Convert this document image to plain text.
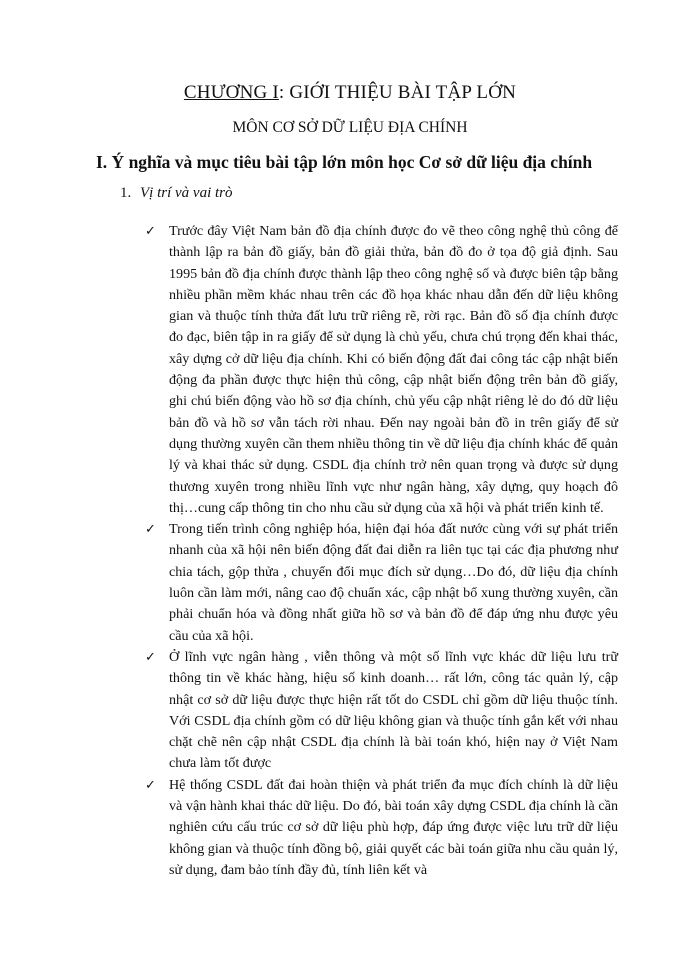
CHƯƠNG I: GIỚI THIỆU BÀI TẬP LỚN
MÔN CƠ SỞ DỮ LIỆU ĐỊA CHÍNH
I. Ý nghĩa và mục tiêu bài tập lớn môn học Cơ sở dữ liệu địa chính
1. Vị trí và vai trò
✓ Trước đây Việt Nam bản đồ địa chính được đo vẽ theo công nghệ thủ công để thành lập ra bản đồ giấy, bản đồ giải thửa, bản đồ đo ở tọa độ giả định. Sau 1995 bản đồ địa chính được thành lập theo công nghệ số và được biên tập bằng nhiều phần mềm khác nhau trên các đồ họa khác nhau dẫn đến dữ liệu không gian và thuộc tính thửa đất lưu trữ riêng rẽ, rời rạc. Bản đồ số địa chính được đo đạc, biên tập in ra giấy để sử dụng là chủ yếu, chưa chú trọng đến khai thác, xây dựng cở dữ liệu địa chính. Khi có biến động đất đai công tác cập nhật biến động đa phần được thực hiện thủ công, cập nhật biến động trên bản đồ giấy, ghi chú biến động vào hồ sơ địa chính, chủ yếu cập nhật riêng lẻ do đó dữ liệu bản đồ và hồ sơ vẫn tách rời nhau. Đến nay ngoài bản đồ in trên giấy để sử dụng thường xuyên cần them nhiều thông tin về dữ liệu địa chính khác để quản lý và khai thác sử dụng. CSDL địa chính trở nên quan trọng và được sử dụng thương xuyên trong nhiều lĩnh vực như ngân hàng, xây dựng, quy hoạch đô thị…cung cấp thông tin cho nhu cầu sử dụng của xã hội và phát triển kinh tế.
✓ Trong tiến trình công nghiệp hóa, hiện đại hóa đất nước cùng với sự phát triển nhanh của xã hội nên biến động đất đai diễn ra liên tục tại các địa phương như chia tách, gộp thửa , chuyển đổi mục đích sử dụng…Do đó, dữ liệu địa chính luôn cần làm mới, nâng cao độ chuẩn xác, cập nhật bổ xung thường xuyên, cần phải chuẩn hóa và đồng nhất giữa hồ sơ và bản đồ để đáp ứng nhu được yêu cầu của xã hội.
✓ Ở lĩnh vực ngân hàng , viễn thông và một số lĩnh vực khác dữ liệu lưu trữ thông tin về khác hàng, hiệu số kinh doanh… rất lớn, công tác quản lý, cập nhật cơ sở dữ liệu được thực hiện rất tốt do CSDL chỉ gồm dữ liệu thuộc tính. Với CSDL địa chính gồm có dữ liệu không gian và thuộc tính gắn kết với nhau chặt chẽ nên cập nhật CSDL địa chính là bài toán khó, hiện nay ở Việt Nam chưa làm tốt được
✓ Hệ thống CSDL đất đai hoàn thiện và phát triển đa mục đích chính là dữ liệu và vận hành khai thác dữ liệu. Do đó, bài toán xây dựng CSDL địa chính là cần nghiên cứu cấu trúc cơ sở dữ liệu phù hợp, đáp ứng được việc lưu trữ dữ liệu không gian và thuộc tính đồng bộ, giải quyết các bài toán giữa nhu cầu quản lý, sử dụng, đam bảo tính đầy đủ, tính liên kết và
